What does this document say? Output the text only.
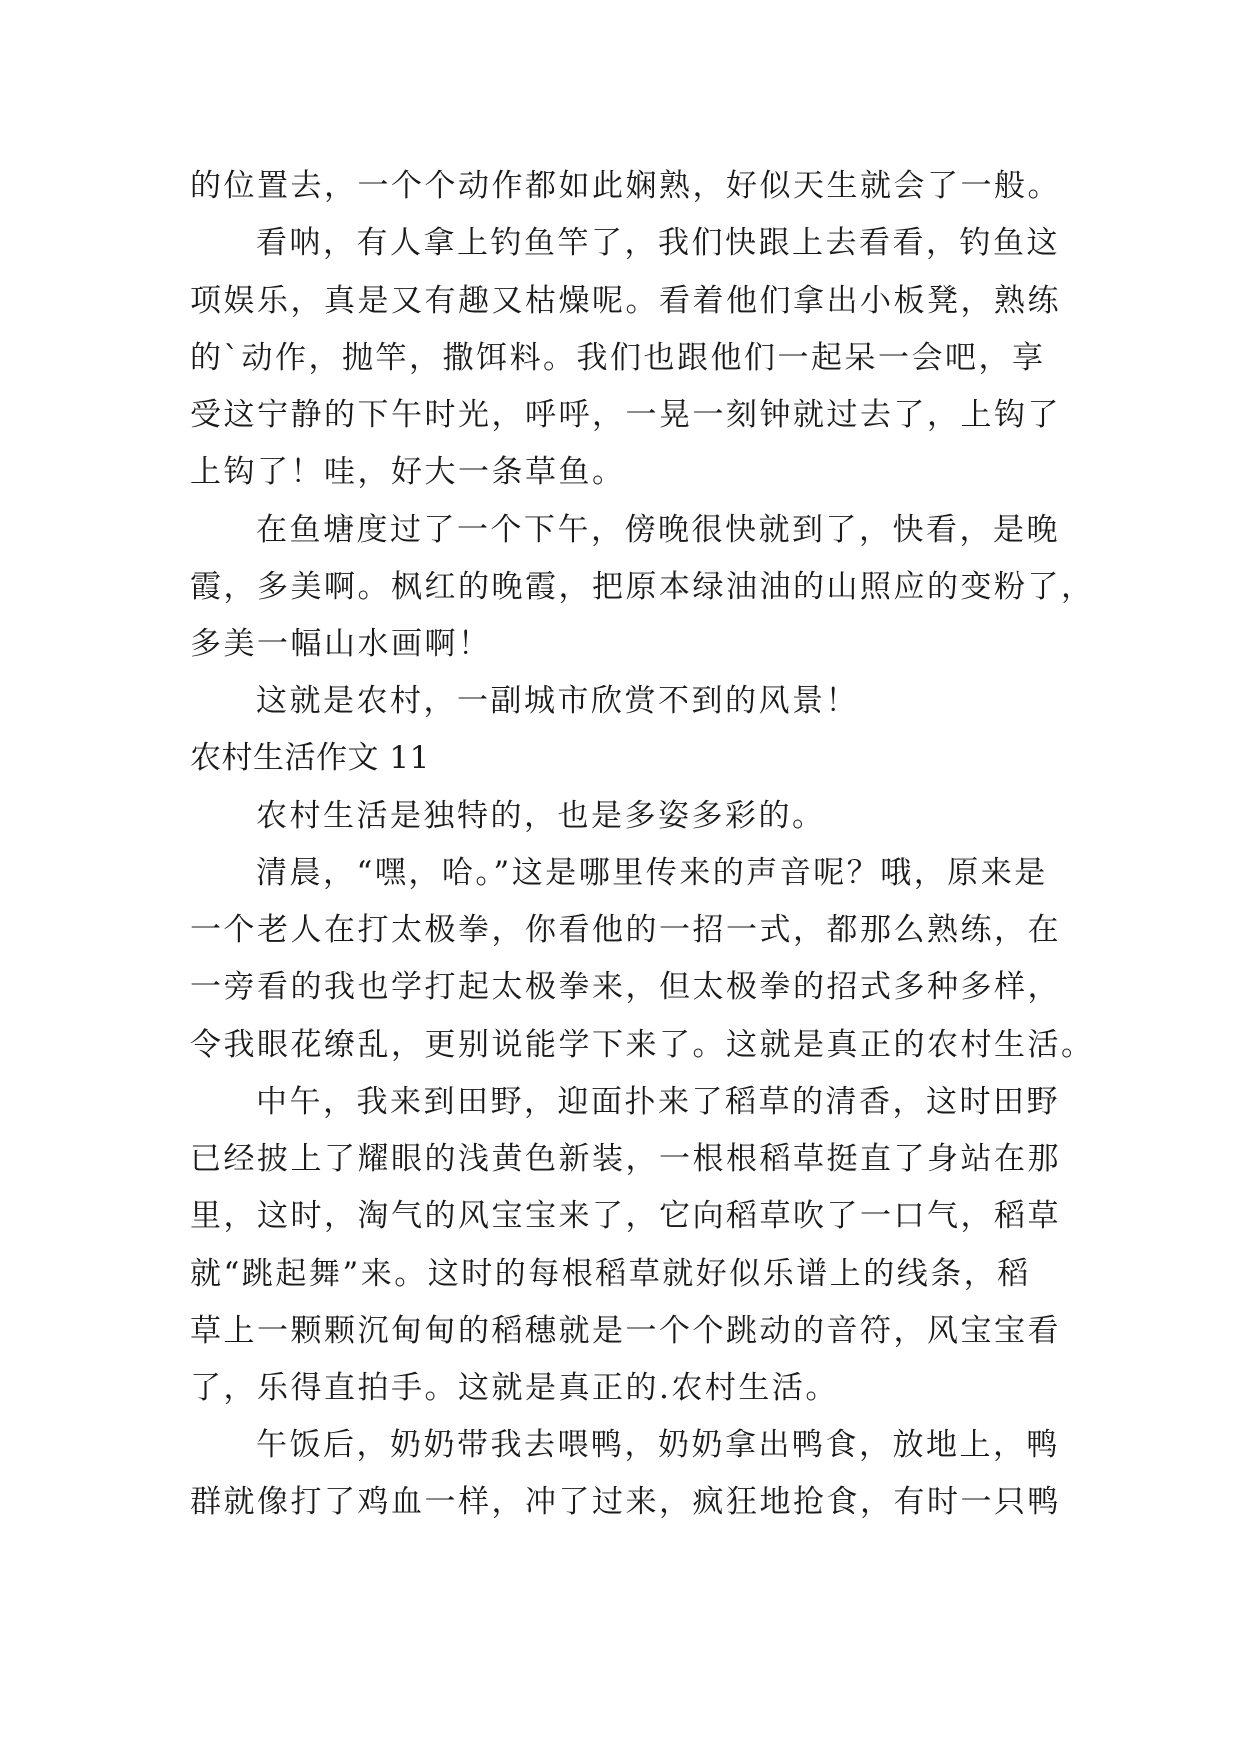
的位置去，一个个动作都如此娴熟，好似天生就会了一般。
看呐，有人拿上钓鱼竿了，我们快跟上去看看，钓鱼这
项娱乐，真是又有趣又枯燥呢。看着他们拿出小板凳，熟练
的`动作，抛竿，撒饵料。我们也跟他们一起呆一会吧，享
受这宁静的下午时光，呼呼，一晃一刻钟就过去了，上钩了
上钩了！哇，好大一条草鱼。
在鱼塘度过了一个下午，傍晚很快就到了，快看，是晚
霞，多美啊。枫红的晚霞，把原本绿油油的山照应的变粉了，
多美一幅山水画啊！
这就是农村，一副城市欣赏不到的风景！
农村生活作文 11
农村生活是独特的，也是多姿多彩的。
清晨，“嘿，哈。”这是哪里传来的声音呢？哦，原来是
一个老人在打太极拳，你看他的一招一式，都那么熟练，在
一旁看的我也学打起太极拳来，但太极拳的招式多种多样，
令我眼花缭乱，更别说能学下来了。这就是真正的农村生活。
中午，我来到田野，迎面扑来了稻草的清香，这时田野
已经披上了耀眼的浅黄色新装，一根根稻草挺直了身站在那
里，这时，淘气的风宝宝来了，它向稻草吹了一口气，稻草
就“跳起舞”来。这时的每根稻草就好似乐谱上的线条，稻
草上一颗颗沉甸甸的稻穗就是一个个跳动的音符，风宝宝看
了，乐得直拍手。这就是真正的.农村生活。
午饭后，奶奶带我去喂鸭，奶奶拿出鸭食，放地上，鸭
群就像打了鸡血一样，冲了过来，疯狂地抢食，有时一只鸭
